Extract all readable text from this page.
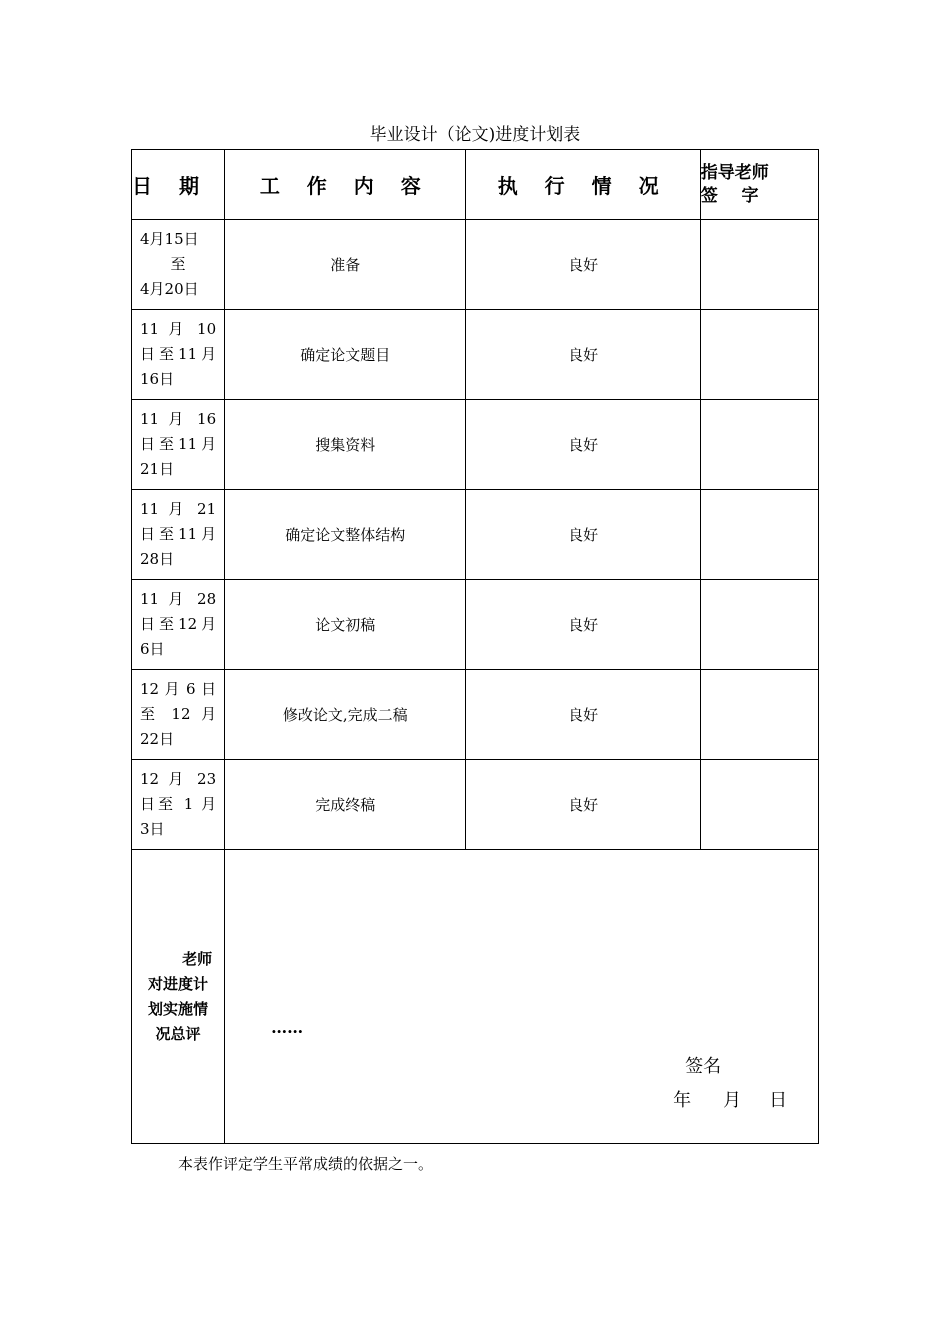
毕业设计（论文)进度计划表
日 期	工 作 内 容	执 行 情 况	指导老师
签    字

4月15日
至
4月20日	准备	良好	

11 月 10
日至11月
16日	确定论文题目	良好	

11 月 16
日至11月
21日	搜集资料	良好	

11 月 21
日至11月
28日	确定论文整体结构	良好	

11 月 28
日至12月
6日	论文初稿	良好	

12 月 6 日
至 12 月
22日	修改论文,完成二稿	良好	

12 月 23
日至 1 月
3日	完成终稿	良好	

老师
对进度计
划实施情
况总评	……
签名
年 月 日		
本表作评定学生平常成绩的依据之一。
